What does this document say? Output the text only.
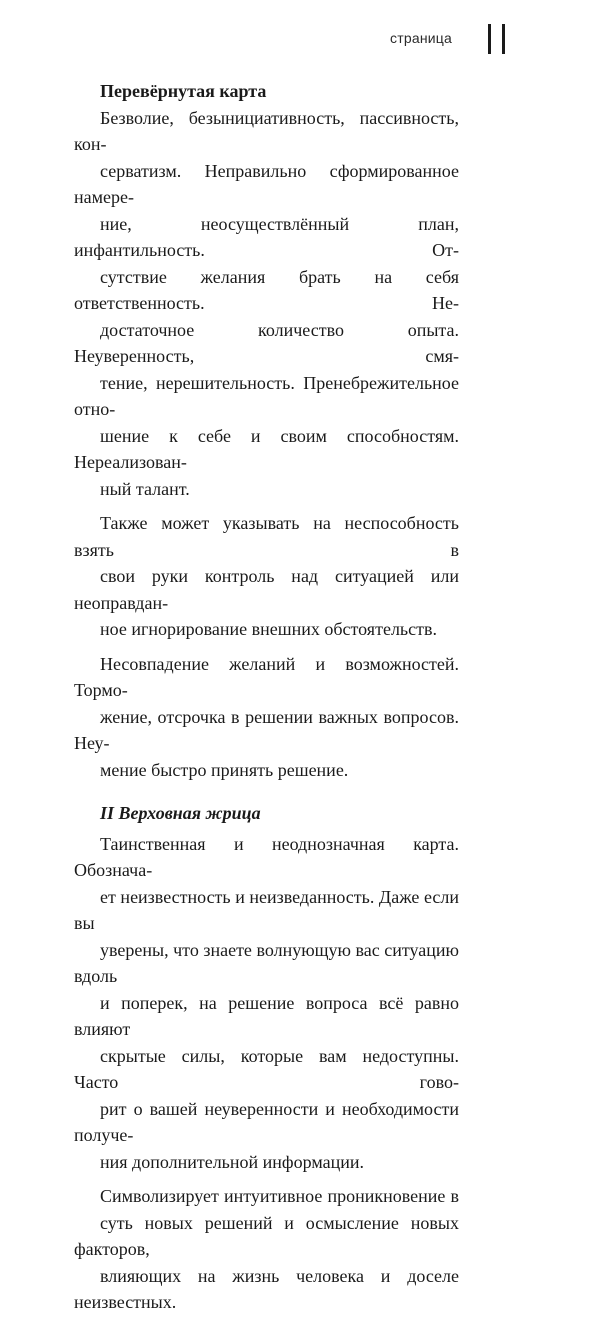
страница
Перевёрнутая карта

Безволие, безынициативность, пассивность, кон-
серватизм. Неправильно сформированное намере-
ние, неосуществлённый план, инфантильность. От-
сутствие желания брать на себя ответственность. Не-
достаточное количество опыта. Неуверенность, смя-
тение, нерешительность. Пренебрежительное отно-
шение к себе и своим способностям. Нереализован-
ный талант.

Также может указывать на неспособность взять в
свои руки контроль над ситуацией или неоправдан-
ное игнорирование внешних обстоятельств.

Несовпадение желаний и возможностей. Тормо-
жение, отсрочка в решении важных вопросов. Неу-
мение быстро принять решение.

II Верховная жрица

Таинственная и неоднозначная карта. Обознача-
ет неизвестность и неизведанность. Даже если вы
уверены, что знаете волнующую вас ситуацию вдоль
и поперек, на решение вопроса всё равно влияют
скрытые силы, которые вам недоступны. Часто гово-
рит о вашей неуверенности и необходимости получе-
ния дополнительной информации.

Символизирует интуитивное проникновение в
суть новых решений и осмысление новых факторов,
влияющих на жизнь человека и доселе неизвестных.
